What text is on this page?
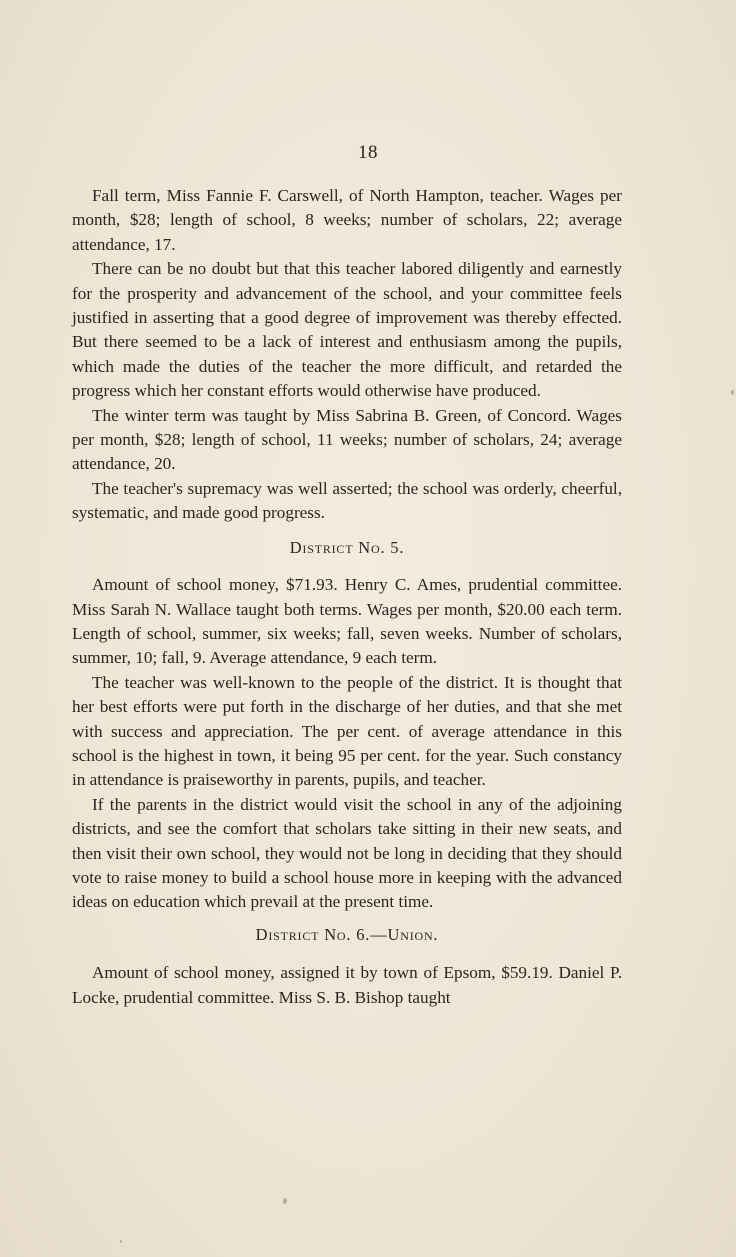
18

Fall term, Miss Fannie F. Carswell, of North Hampton, teacher. Wages per month, $28; length of school, 8 weeks; number of scholars, 22; average attendance, 17.

There can be no doubt but that this teacher labored diligently and earnestly for the prosperity and advancement of the school, and your committee feels justified in asserting that a good degree of improvement was thereby effected. But there seemed to be a lack of interest and enthusiasm among the pupils, which made the duties of the teacher the more difficult, and retarded the progress which her constant efforts would otherwise have produced.

The winter term was taught by Miss Sabrina B. Green, of Concord. Wages per month, $28; length of school, 11 weeks; number of scholars, 24; average attendance, 20.

The teacher's supremacy was well asserted; the school was orderly, cheerful, systematic, and made good progress.

District No. 5.

Amount of school money, $71.93. Henry C. Ames, prudential committee. Miss Sarah N. Wallace taught both terms. Wages per month, $20.00 each term. Length of school, summer, six weeks; fall, seven weeks. Number of scholars, summer, 10; fall, 9. Average attendance, 9 each term.

The teacher was well-known to the people of the district. It is thought that her best efforts were put forth in the discharge of her duties, and that she met with success and appreciation. The per cent. of average attendance in this school is the highest in town, it being 95 per cent. for the year. Such constancy in attendance is praiseworthy in parents, pupils, and teacher.

If the parents in the district would visit the school in any of the adjoining districts, and see the comfort that scholars take sitting in their new seats, and then visit their own school, they would not be long in deciding that they should vote to raise money to build a school house more in keeping with the advanced ideas on education which prevail at the present time.

District No. 6.—Union.

Amount of school money, assigned it by town of Epsom, $59.19. Daniel P. Locke, prudential committee. Miss S. B. Bishop taught
